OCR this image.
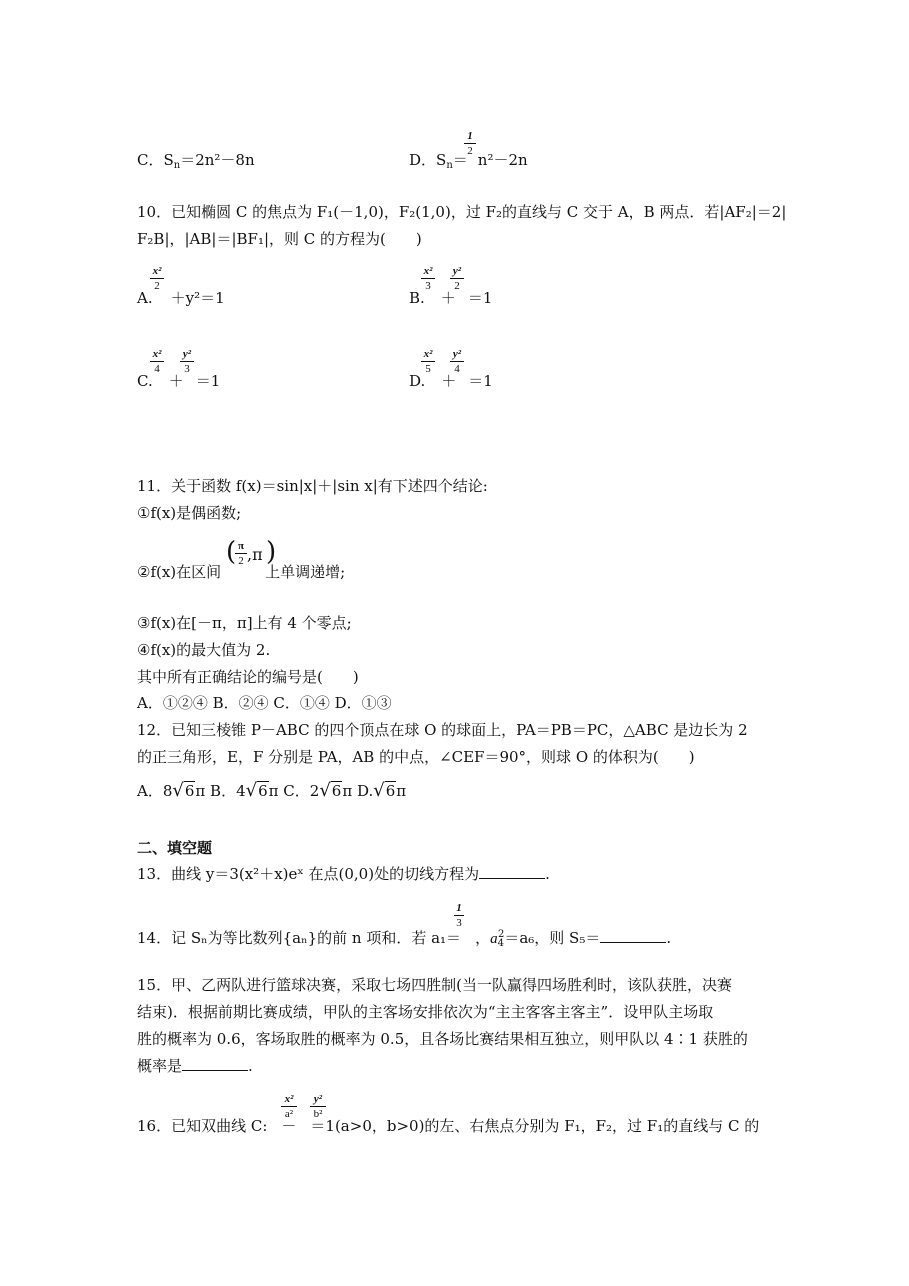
C．$S_n=2n^2-8n$
1
2
D．$S_n= n^2-2n$
10．已知椭圆 C 的焦点为 F₁(－1,0)，F₂(1,0)，过 F₂的直线与 C 交于 A，B 两点．若|AF₂|＝2|
F₂B|，|AB|＝|BF₁|，则 C 的方程为(　　)
x²
2
A. ＋y²＝1
x²
3
y²
2
B. ＋ ＝1
x²
4
y²
3
C. ＋ ＝1
x²
5
y²
4
D. ＋ ＝1
11．关于函数 f(x)＝sin|x|＋|sin x|有下述四个结论:
①f(x)是偶函数;
( π
2 ,π )
②f(x)在区间	上单调递增;
③f(x)在[－π，π]上有 4 个零点;
④f(x)的最大值为 2.
其中所有正确结论的编号是(　　)
A．①②④ B．②④ C．①④ D．①③
12．已知三棱锥 P－ABC 的四个顶点在球 O 的球面上，PA＝PB＝PC，△ABC 是边长为 2
的正三角形，E，F 分别是 PA，AB 的中点，∠CEF＝90°，则球 O 的体积为(　　)
A．8√6π B．4√6π C．2√6π D.√6π
二、填空题
13．曲线 y＝3(x²＋x)eˣ 在点(0,0)处的切线方程为	.
1
3
14．记 Sₙ为等比数列{aₙ}的前 n 项和．若 a₁＝ ，$a_4^2=a_6$，则 S₅＝	.
15．甲、乙两队进行篮球决赛，采取七场四胜制(当一队赢得四场胜利时，该队获胜，决赛
结束)．根据前期比赛成绩，甲队的主客场安排依次为“主主客客主客主”．设甲队主场取
胜的概率为 0.6，客场取胜的概率为 0.5，且各场比赛结果相互独立，则甲队以 4∶1 获胜的
概率是	.
x²
a²
y²
b²
16．已知双曲线 C: － ＝1(a>0，b>0)的左、右焦点分别为 F₁，F₂，过 F₁的直线与 C 的
